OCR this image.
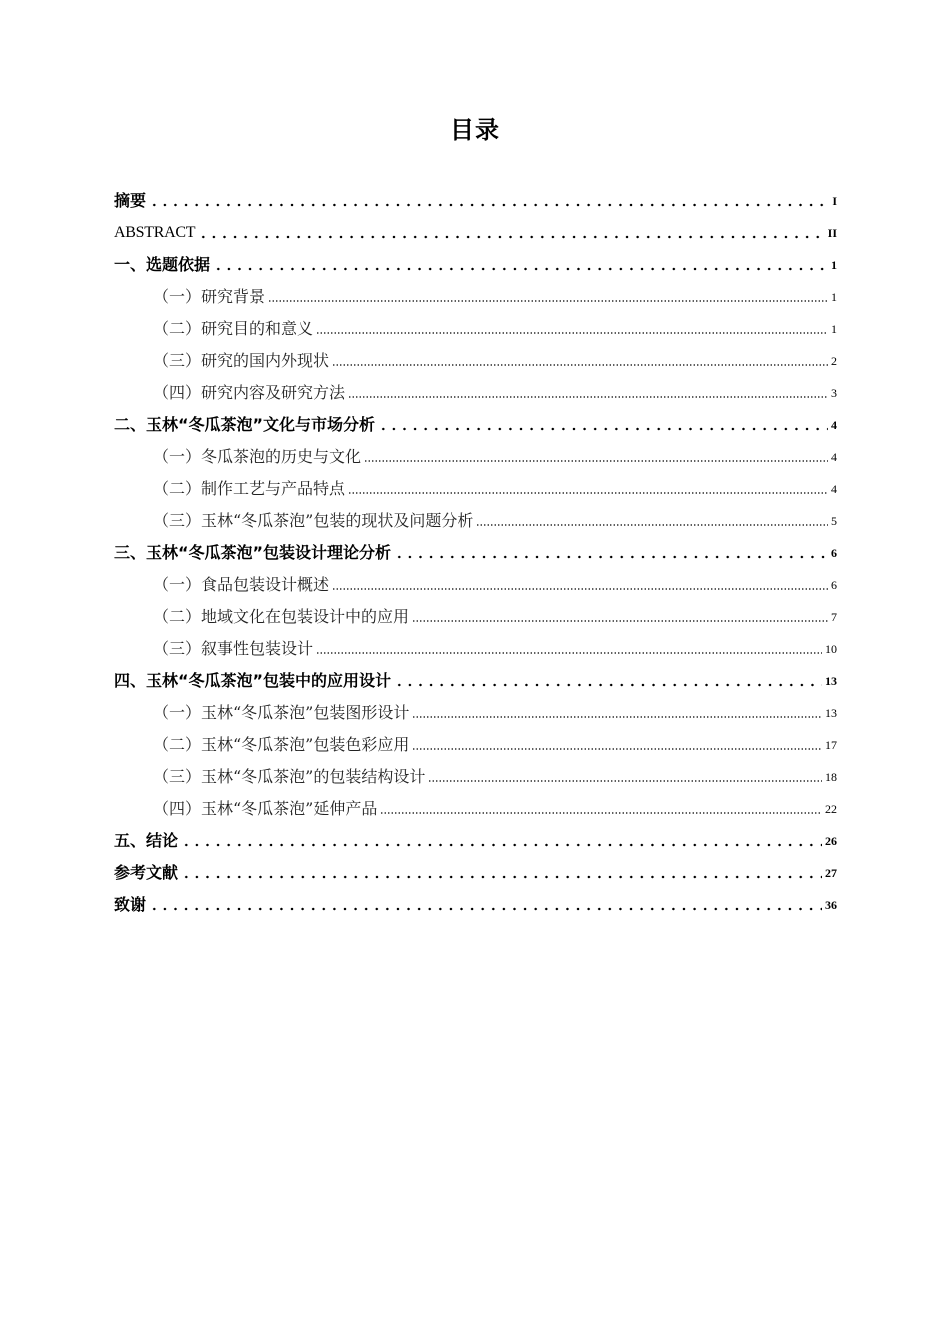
目录
摘要	I
ABSTRACT	II
一、选题依据	1
（一）研究背景	1
（二）研究目的和意义	1
（三）研究的国内外现状	2
（四）研究内容及研究方法	3
二、玉林“冬瓜茶泡”文化与市场分析	4
（一）冬瓜茶泡的历史与文化	4
（二）制作工艺与产品特点	4
（三）玉林“冬瓜茶泡”包装的现状及问题分析	5
三、玉林“冬瓜茶泡”包装设计理论分析	6
（一）食品包装设计概述	6
（二）地域文化在包装设计中的应用	7
（三）叙事性包装设计	10
四、玉林“冬瓜茶泡”包装中的应用设计	13
（一）玉林“冬瓜茶泡”包装图形设计	13
（二）玉林“冬瓜茶泡”包装色彩应用	17
（三）玉林“冬瓜茶泡”的包装结构设计	18
（四）玉林“冬瓜茶泡”延伸产品	22
五、结论	26
参考文献	27
致谢	36
